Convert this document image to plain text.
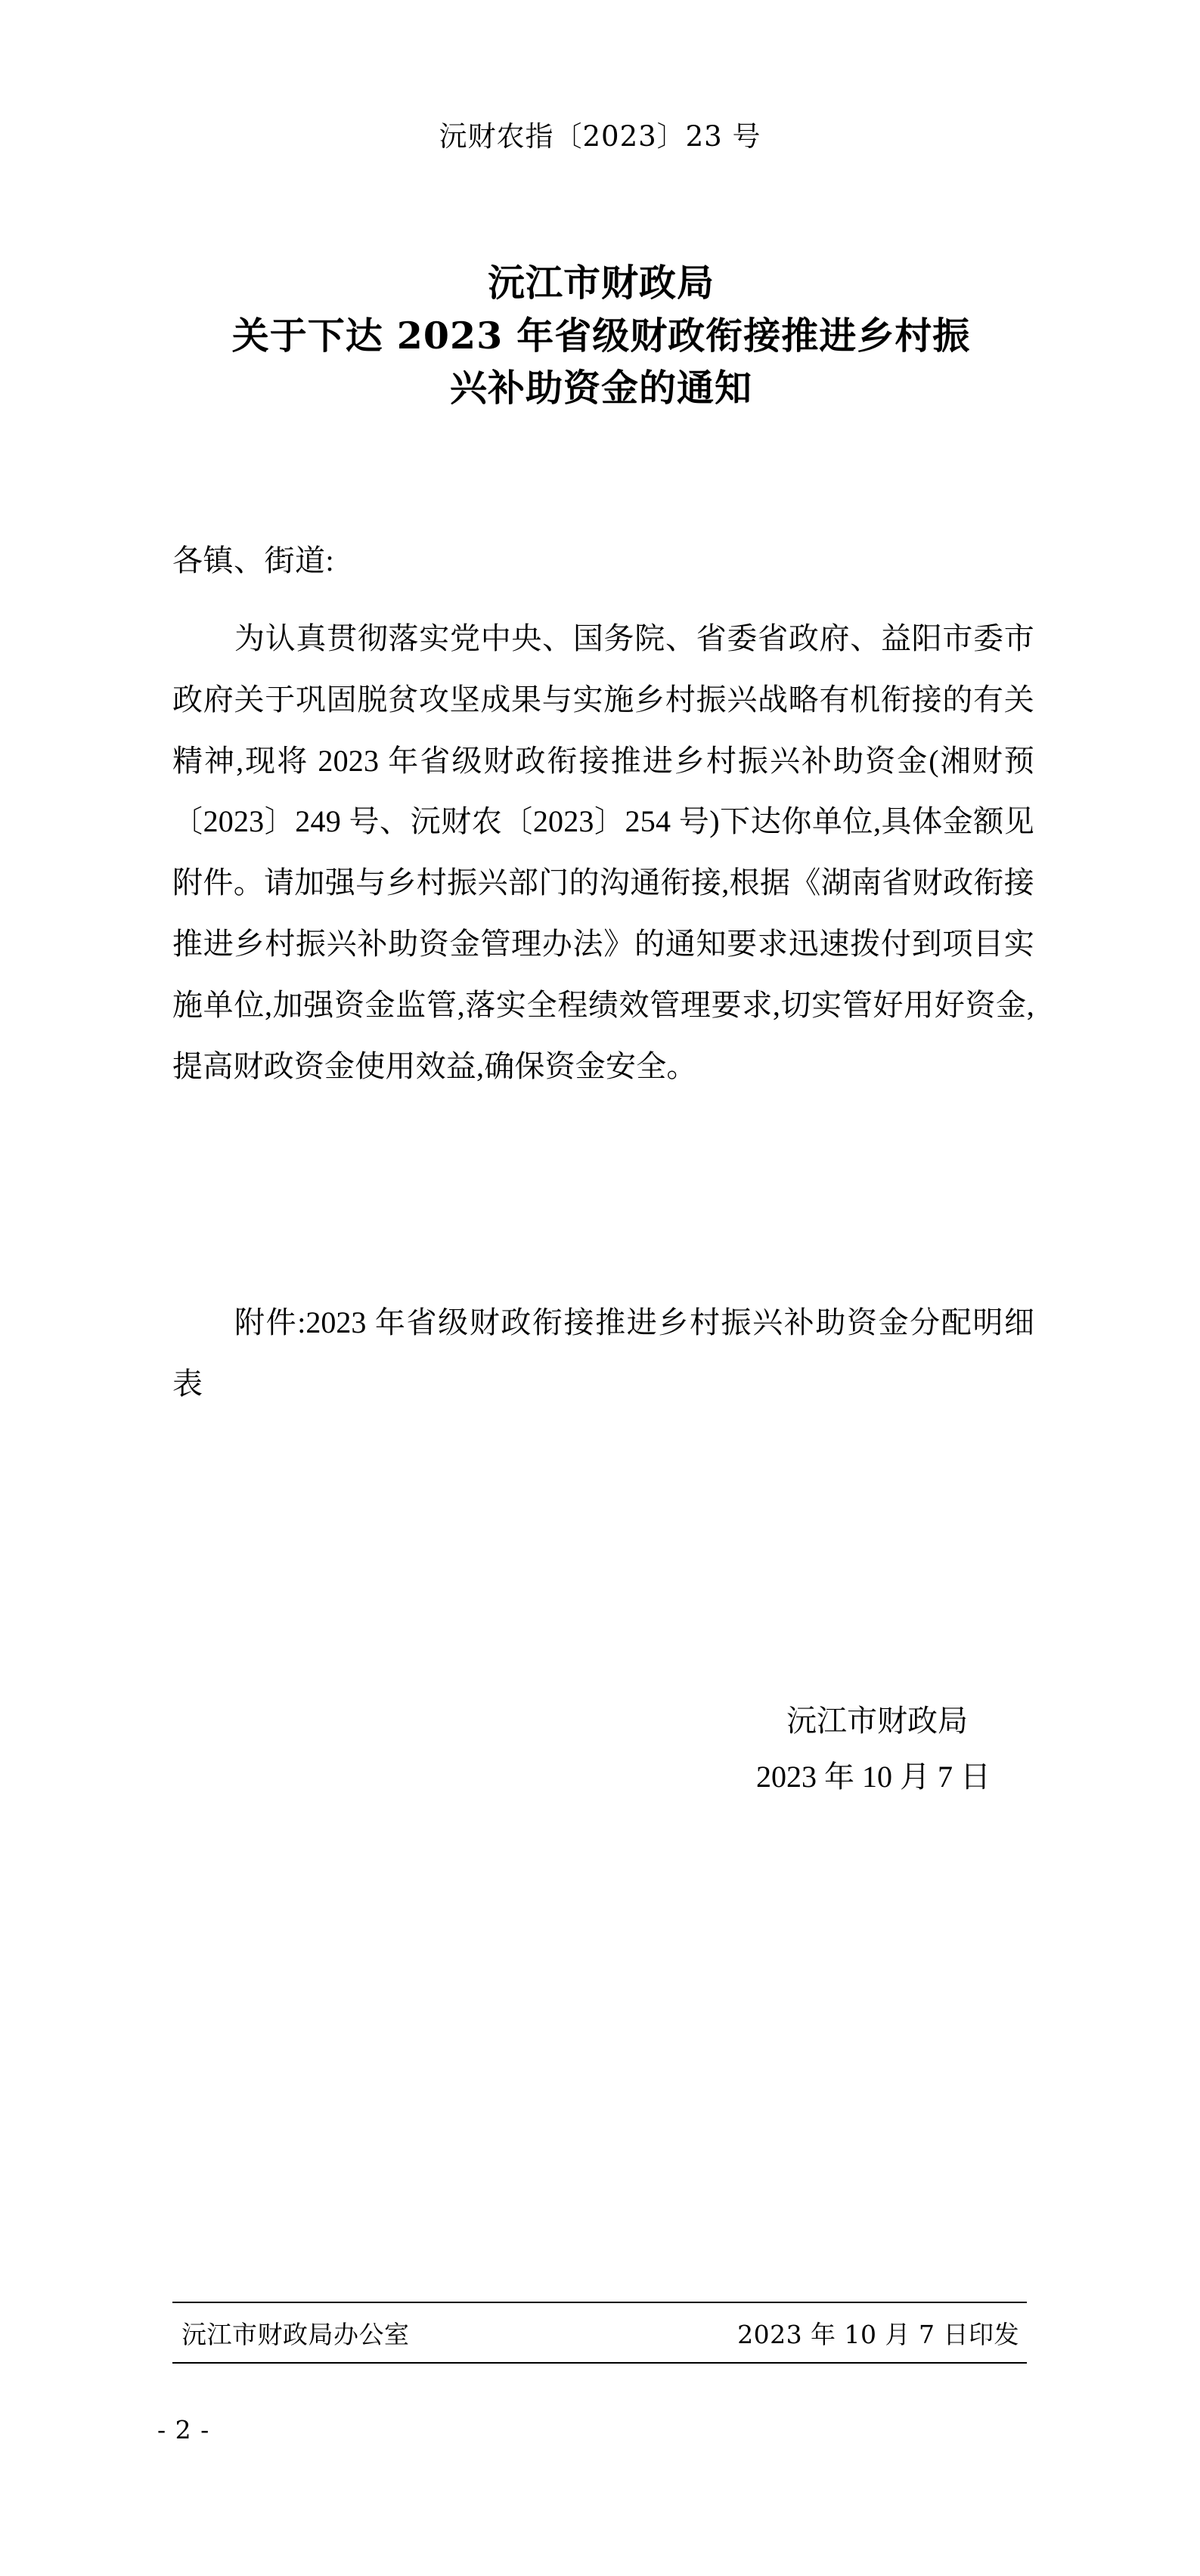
沅财农指〔2023〕23 号
沅江市财政局
关于下达 2023 年省级财政衔接推进乡村振
兴补助资金的通知
各镇、街道:

为认真贯彻落实党中央、国务院、省委省政府、益阳市委市政府关于巩固脱贫攻坚成果与实施乡村振兴战略有机衔接的有关精神,现将 2023 年省级财政衔接推进乡村振兴补助资金(湘财预〔2023〕249 号、沅财农〔2023〕254 号)下达你单位,具体金额见附件。请加强与乡村振兴部门的沟通衔接,根据《湖南省财政衔接推进乡村振兴补助资金管理办法》的通知要求迅速拨付到项目实施单位,加强资金监管,落实全程绩效管理要求,切实管好用好资金,提高财政资金使用效益,确保资金安全。

附件:2023 年省级财政衔接推进乡村振兴补助资金分配明细表

沅江市财政局
2023 年 10 月 7 日
沅江市财政局办公室	2023 年 10 月 7 日印发
- 2 -
